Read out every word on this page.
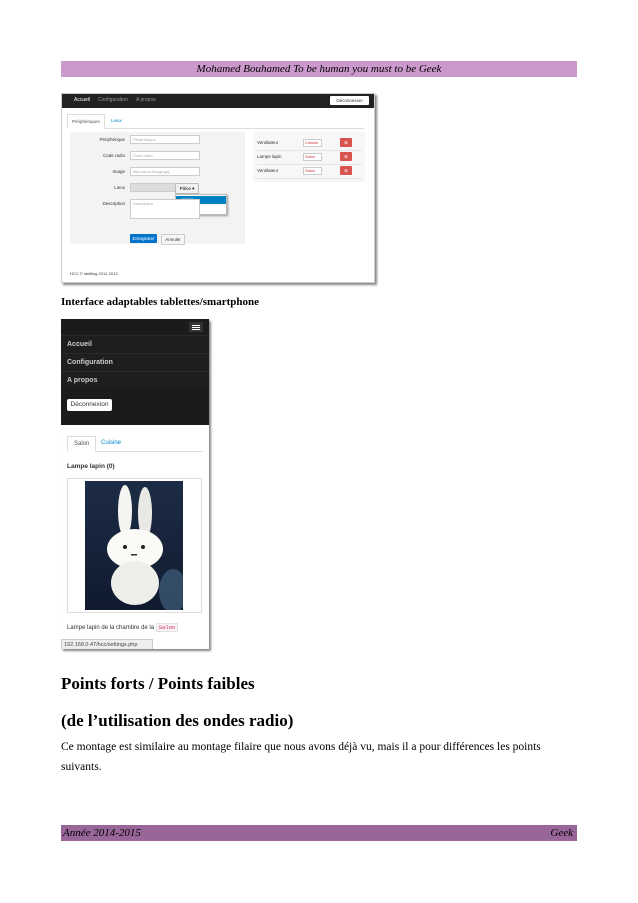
Mohamed Bouhamed To be human you must to be Geek
Accueil Configuration A propos	Déconnexion
Périphériques	Lieux
Périphérique	Périphérique
Code radio	Code radio
Image	http://mon-image.jpg
Lieux	Pièce ▾
Description	Description
Enregistrer	Annuler
Ventilateur	Cuisine	⊗
Lampe lapin	Salon	⊗
Ventilateur	Salon	⊗
HCC © IdeBlog 2012-2013
Interface adaptables tablettes/smartphone
Accueil
Configuration
A propos
Déconnexion
Salon	Cuisine
Lampe lapin (0)
Lampe lapin de la chambre de la Salon
192.168.0.47/hcc/settings.php
Points forts / Points faibles
(de l’utilisation des ondes radio)
Ce montage est similaire au montage filaire que nous avons déjà vu, mais il a pour différences les points suivants.
Année 2014-2015	Geek
